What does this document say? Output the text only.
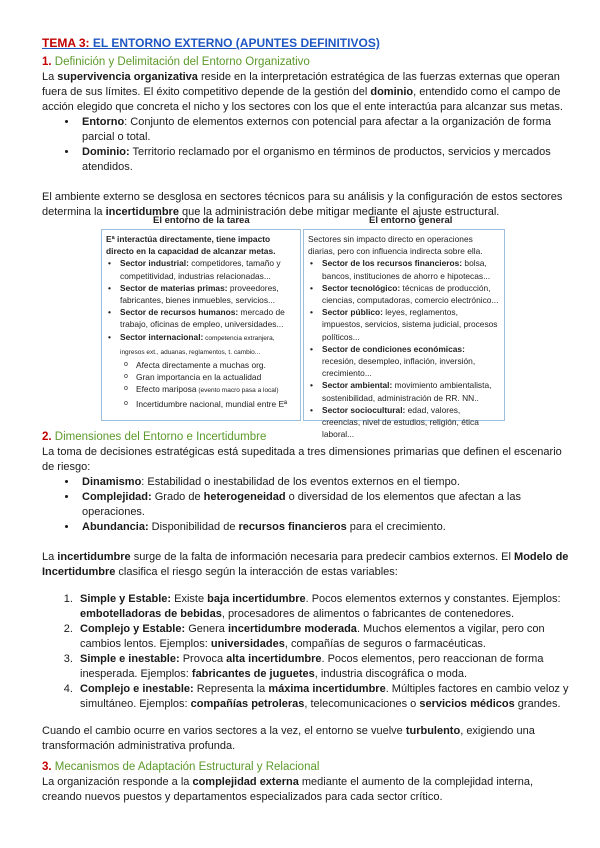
TEMA 3: EL ENTORNO EXTERNO (APUNTES DEFINITIVOS)
1. Definición y Delimitación del Entorno Organizativo
La supervivencia organizativa reside en la interpretación estratégica de las fuerzas externas que operan fuera de sus límites. El éxito competitivo depende de la gestión del dominio, entendido como el campo de acción elegido que concreta el nicho y los sectores con los que el ente interactúa para alcanzar sus metas.
• Entorno: Conjunto de elementos externos con potencial para afectar a la organización de forma parcial o total.
• Dominio: Territorio reclamado por el organismo en términos de productos, servicios y mercados atendidos.
El ambiente externo se desglosa en sectores técnicos para su análisis y la configuración de estos sectores determina la incertidumbre que la administración debe mitigar mediante el ajuste estructural.
El entorno de la tarea	El entorno general
Eª interactúa directamente, tiene impacto directo en la capacidad de alcanzar metas.
• Sector industrial: competidores, tamaño y competitividad, industrias relacionadas...
• Sector de materias primas: proveedores, fabricantes, bienes inmuebles, servicios...
• Sector de recursos humanos: mercado de trabajo, oficinas de empleo, universidades...
• Sector internacional: competencia extranjera, ingresos ext., aduanas, reglamentos, t. cambio...
o Afecta directamente a muchas org.
o Gran importancia en la actualidad
o Efecto mariposa (evento macro pasa a local)
o Incertidumbre nacional, mundial entre Eª
Sectores sin impacto directo en operaciones diarias, pero con influencia indirecta sobre ella.
• Sector de los recursos financieros: bolsa, bancos, instituciones de ahorro e hipotecas...
• Sector tecnológico: técnicas de producción, ciencias, computadoras, comercio electrónico...
• Sector público: leyes, reglamentos, impuestos, servicios, sistema judicial, procesos políticos...
• Sector de condiciones económicas: recesión, desempleo, inflación, inversión, crecimiento...
• Sector ambiental: movimiento ambientalista, sostenibilidad, administración de RR. NN..
• Sector sociocultural: edad, valores, creencias, nivel de estudios, religión, ética laboral...
2. Dimensiones del Entorno e Incertidumbre
La toma de decisiones estratégicas está supeditada a tres dimensiones primarias que definen el escenario de riesgo:
• Dinamismo: Estabilidad o inestabilidad de los eventos externos en el tiempo.
• Complejidad: Grado de heterogeneidad o diversidad de los elementos que afectan a las operaciones.
• Abundancia: Disponibilidad de recursos financieros para el crecimiento.
La incertidumbre surge de la falta de información necesaria para predecir cambios externos. El Modelo de Incertidumbre clasifica el riesgo según la interacción de estas variables:
1. Simple y Estable: Existe baja incertidumbre. Pocos elementos externos y constantes. Ejemplos: embotelladoras de bebidas, procesadores de alimentos o fabricantes de contenedores.
2. Complejo y Estable: Genera incertidumbre moderada. Muchos elementos a vigilar, pero con cambios lentos. Ejemplos: universidades, compañías de seguros o farmacéuticas.
3. Simple e inestable: Provoca alta incertidumbre. Pocos elementos, pero reaccionan de forma inesperada. Ejemplos: fabricantes de juguetes, industria discográfica o moda.
4. Complejo e inestable: Representa la máxima incertidumbre. Múltiples factores en cambio veloz y simultáneo. Ejemplos: compañías petroleras, telecomunicaciones o servicios médicos grandes.
Cuando el cambio ocurre en varios sectores a la vez, el entorno se vuelve turbulento, exigiendo una transformación administrativa profunda.
3. Mecanismos de Adaptación Estructural y Relacional
La organización responde a la complejidad externa mediante el aumento de la complejidad interna, creando nuevos puestos y departamentos especializados para cada sector crítico.
